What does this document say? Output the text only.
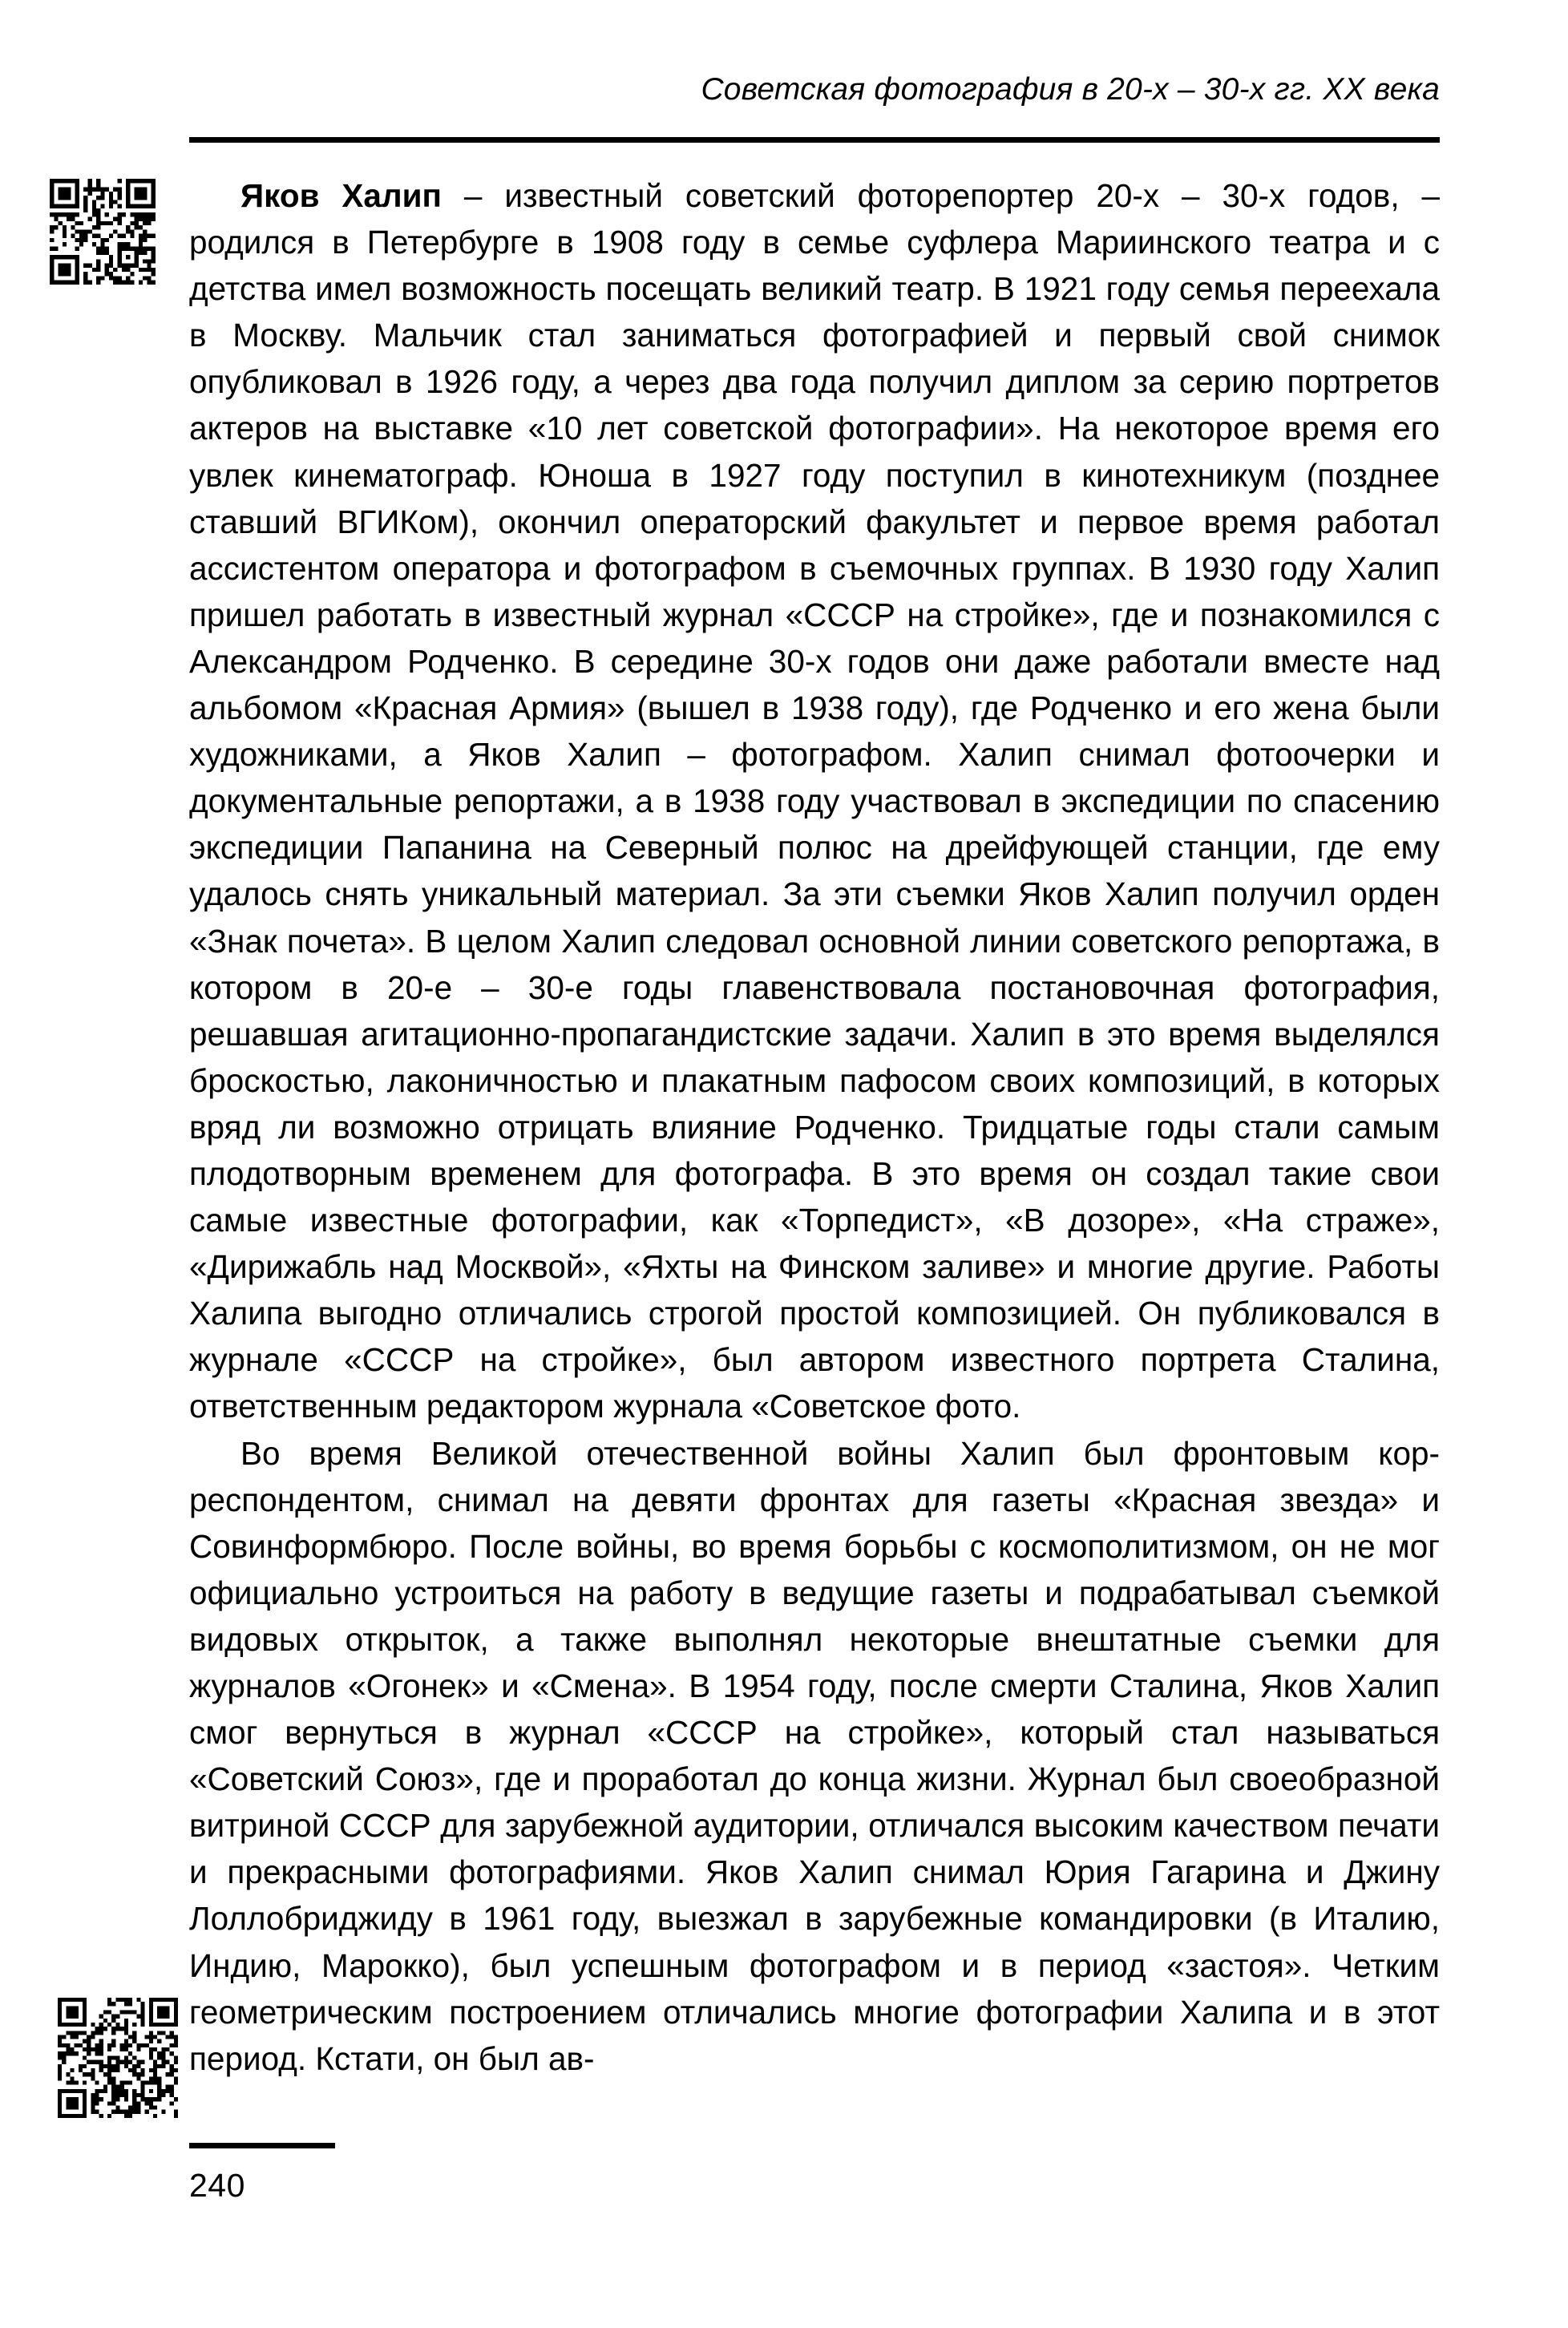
Советская фотография в 20-х – 30-х гг. XX века

Яков Халип – известный советский фоторепортер 20-х – 30-х годов, – родился в Петербурге в 1908 году в семье суфлера Мариинского театра и с детства имел возможность посещать великий театр. В 1921 году семья переехала в Москву. Мальчик стал заниматься фотографией и первый свой снимок опубликовал в 1926 году, а через два года получил диплом за серию портретов актеров на выставке «10 лет советской фотографии». На некоторое время его увлек кинематограф. Юноша в 1927 году поступил в кинотехникум (позднее ставший ВГИКом), окончил операторский факультет и первое время работал ассистентом оператора и фотографом в съемочных группах. В 1930 году Халип пришел работать в известный журнал «СССР на стройке», где и познакомился с Александром Родченко. В середине 30-х годов они даже работали вместе над альбомом «Красная Армия» (вышел в 1938 году), где Родченко и его жена были художниками, а Яков Халип – фотографом. Халип снимал фотоочерки и документальные репортажи, а в 1938 году участвовал в экспедиции по спасению экспедиции Папанина на Северный полюс на дрейфующей станции, где ему удалось снять уникальный материал. За эти съемки Яков Халип получил орден «Знак почета». В целом Халип следовал основной линии советского репортажа, в котором в 20-е – 30-е годы главенствовала постановочная фотография, решавшая агитационно-пропагандистские задачи. Халип в это время выделялся броскостью, лаконичностью и плакатным пафосом своих композиций, в которых вряд ли возможно отрицать влияние Родченко. Тридцатые годы стали самым плодотворным временем для фотографа. В это время он создал такие свои самые известные фотографии, как «Торпедист», «В дозоре», «На страже», «Дирижабль над Москвой», «Яхты на Финском заливе» и многие другие. Работы Халипа выгодно отличались строгой простой композицией. Он публиковался в журнале «СССР на стройке», был автором известного портрета Сталина, ответственным редактором журнала «Советское фото.

Во время Великой отечественной войны Халип был фронтовым корреспондентом, снимал на девяти фронтах для газеты «Красная звезда» и Совинформбюро. После войны, во время борьбы с космополитизмом, он не мог официально устроиться на работу в ведущие газеты и подрабатывал съемкой видовых открыток, а также выполнял некоторые внештатные съемки для журналов «Огонек» и «Смена». В 1954 году, после смерти Сталина, Яков Халип смог вернуться в журнал «СССР на стройке», который стал называться «Советский Союз», где и проработал до конца жизни. Журнал был своеобразной витриной СССР для зарубежной аудитории, отличался высоким качеством печати и прекрасными фотографиями. Яков Халип снимал Юрия Гагарина и Джину Лоллобриджиду в 1961 году, выезжал в зарубежные командировки (в Италию, Индию, Марокко), был успешным фотографом и в период «застоя». Четким геометрическим построением отличались многие фотографии Халипа и в этот период. Кстати, он был ав-

240
